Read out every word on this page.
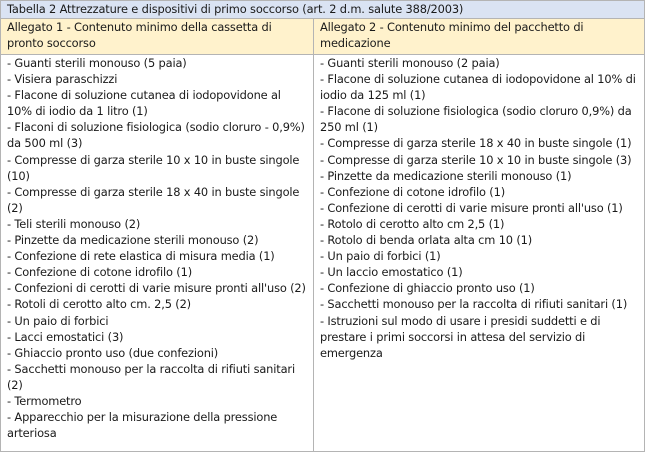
Tabella 2 Attrezzature e dispositivi di primo soccorso (art. 2 d.m. salute 388/2003)	
Allegato 1 - Contenuto minimo della cassetta di pronto soccorso	Allegato 2 - Contenuto minimo del pacchetto di medicazione

- Guanti sterili monouso (5 paia)
- Visiera paraschizzi
- Flacone di soluzione cutanea di iodopovidone al 10% di iodio da 1 litro (1)
- Flaconi di soluzione fisiologica (sodio cloruro - 0,9%) da 500 ml (3)
- Compresse di garza sterile 10 x 10 in buste singole (10)
- Compresse di garza sterile 18 x 40 in buste singole (2)
- Teli sterili monouso (2)
- Pinzette da medicazione sterili monouso (2)
- Confezione di rete elastica di misura media (1)
- Confezione di cotone idrofilo (1)
- Confezioni di cerotti di varie misure pronti all'uso (2)
- Rotoli di cerotto alto cm. 2,5 (2)
- Un paio di forbici
- Lacci emostatici (3)
- Ghiaccio pronto uso (due confezioni)
- Sacchetti monouso per la raccolta di rifiuti sanitari (2)
- Termometro
- Apparecchio per la misurazione della pressione arteriosa

- Guanti sterili monouso (2 paia)
- Flacone di soluzione cutanea di iodopovidone al 10% di iodio da 125 ml (1)
- Flacone di soluzione fisiologica (sodio cloruro 0,9%) da 250 ml (1)
- Compresse di garza sterile 18 x 40 in buste singole (1)
- Compresse di garza sterile 10 x 10 in buste singole (3)
- Pinzette da medicazione sterili monouso (1)
- Confezione di cotone idrofilo (1)
- Confezione di cerotti di varie misure pronti all'uso (1)
- Rotolo di cerotto alto cm 2,5 (1)
- Rotolo di benda orlata alta cm 10 (1)
- Un paio di forbici (1)
- Un laccio emostatico (1)
- Confezione di ghiaccio pronto uso (1)
- Sacchetti monouso per la raccolta di rifiuti sanitari (1)
- Istruzioni sul modo di usare i presidi suddetti e di prestare i primi soccorsi in attesa del servizio di emergenza
